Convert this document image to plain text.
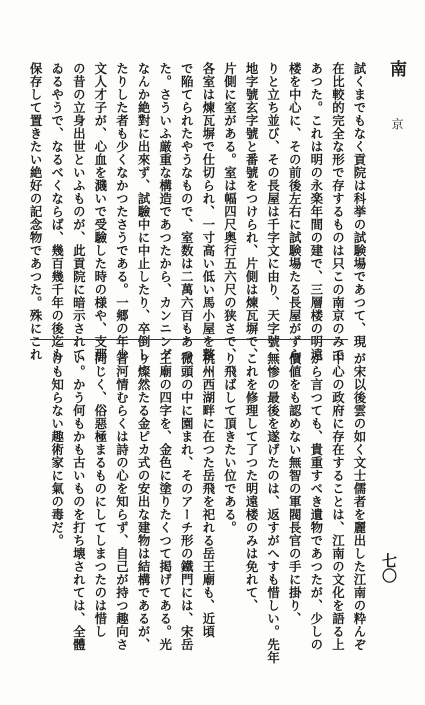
南
京
試くまでもなく貢院は科挙の試験場であつて、現
在比較的完全な形で存するものは只この南京のみで
あつた。これは明の永楽年間の建で、三層楼の明遠
楼を中心に、その前後左右に試験場たる長屋がずら
りと立ち並び、その長屋は千字文に由り、天字號、
地字號玄字號と番號をつけられ、片側は煉瓦塀で、
片側に室がある。室は幅四尺奥行五六尺の狭さで、
各室は煉瓦塀で仕切られ、一寸高い低い馬小屋を整
で陥てられたやうなもので、室数は二萬六百もあつ
た。さういふ厳重な構造であつたから、カンニング
なんか絶對に出來ず、試驗中に中止したり、卒倒し
たりした者も少くなかつたさうである。一郷の年少
文人才子が、心血を濺いで受驗した時の様や、支那
の昔の立身出世といふものが、此貢院に暗示されて
ゐるやうで、なるべくならば、幾百幾千年の後迄も
保存して置きたい絶好の記念物であつた。殊にこれ
が宋以後雲の如く文士儒者を麗出した江南の粋んぞ
中心の政府に存在することは、江南の文化を語る上
から言つても、貴重すべき遺物であつたが、少しの
價値をも認めない無智の軍閥長官の手に掛り、
無惨の最後を遂げたのは、返すがへすも惜しい。先年
これを修理して了つた明遠楼のみは免れて、
り飛ばして頂きたい位である。
杭州西湖畔に在つた岳飛を祀れる岳王廟も、近頃
微頭の中に園まれ、そのアーチ形の鐵門には、宋岳
王廟の四字を、金色に塗りたくつて掲げてある。光
り燦然たる金ピカ式の安出な建物は結構であるが、
昔河情むらくは詩の心を知らず、自己が持つ趣向さ
同じく、俗惡極まるものにしてしまつたのは惜し
い。かう何もかも古いものを打ち壊されては、全體
けも知らない趣術家に氣の毒だ。
七〇
